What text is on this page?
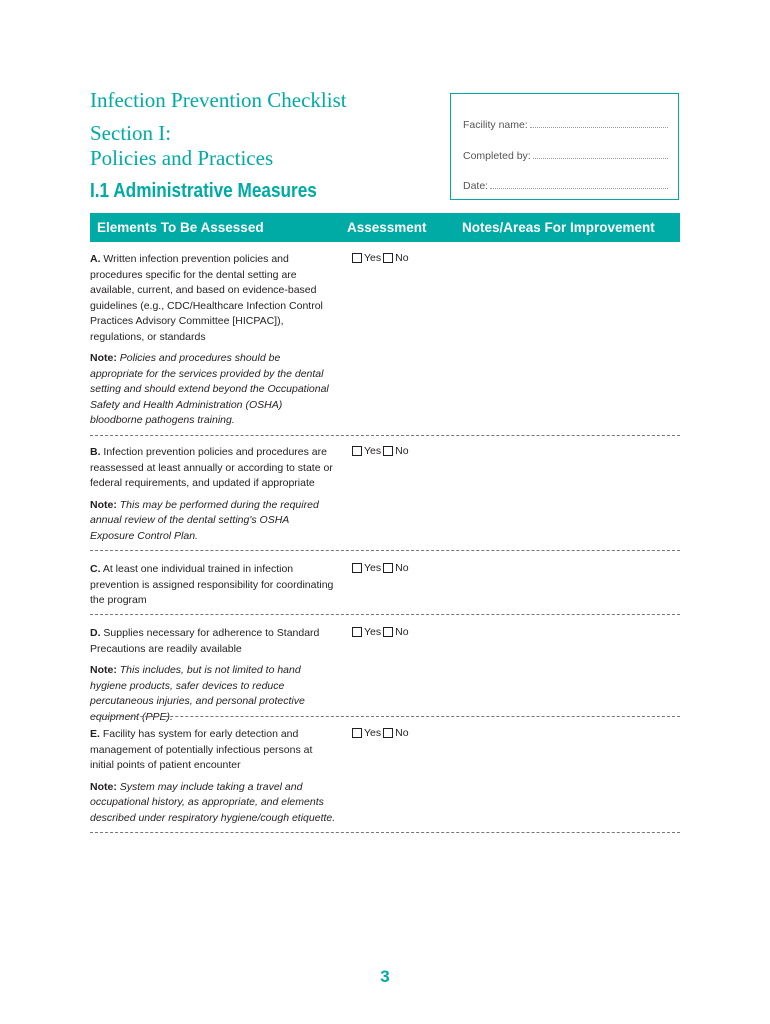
Infection Prevention Checklist
Section I:
Policies and Practices
I.1 Administrative Measures
Facility name:
Completed by:
Date:
Elements To Be Assessed	Assessment	Notes/Areas For Improvement
A. Written infection prevention policies and procedures specific for the dental setting are available, current, and based on evidence-based guidelines (e.g., CDC/Healthcare Infection Control Practices Advisory Committee [HICPAC]), regulations, or standards
Note: Policies and procedures should be appropriate for the services provided by the dental setting and should extend beyond the Occupational Safety and Health Administration (OSHA) bloodborne pathogens training.
Yes No
B. Infection prevention policies and procedures are reassessed at least annually or according to state or federal requirements, and updated if appropriate
Note: This may be performed during the required annual review of the dental setting's OSHA Exposure Control Plan.
Yes No
C. At least one individual trained in infection prevention is assigned responsibility for coordinating the program
Yes No
D. Supplies necessary for adherence to Standard Precautions are readily available
Note: This includes, but is not limited to hand hygiene products, safer devices to reduce percutaneous injuries, and personal protective equipment (PPE).
Yes No
E. Facility has system for early detection and management of potentially infectious persons at initial points of patient encounter
Note: System may include taking a travel and occupational history, as appropriate, and elements described under respiratory hygiene/cough etiquette.
Yes No
3
